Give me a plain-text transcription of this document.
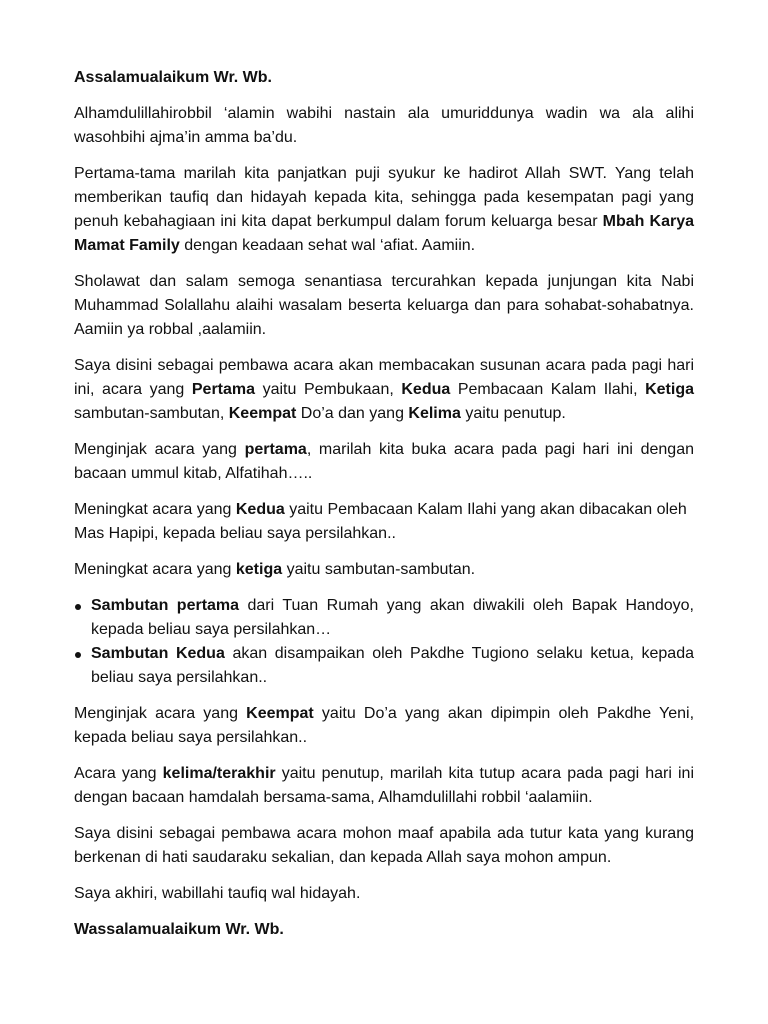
Assalamualaikum Wr. Wb.

Alhamdulillahirobbil ‘alamin wabihi nastain ala umuriddunya wadin wa ala alihi wasohbihi ajma’in amma ba’du.

Pertama-tama marilah kita panjatkan puji syukur ke hadirot Allah SWT. Yang telah memberikan taufiq dan hidayah kepada kita, sehingga pada kesempatan pagi yang penuh kebahagiaan ini kita dapat berkumpul dalam forum keluarga besar Mbah Karya Mamat Family dengan keadaan sehat wal ‘afiat. Aamiin.

Sholawat dan salam semoga senantiasa tercurahkan kepada junjungan kita Nabi Muhammad Solallahu alaihi wasalam beserta keluarga dan para sohabat-sohabatnya. Aamiin ya robbal ,aalamiin.

Saya disini sebagai pembawa acara akan membacakan susunan acara pada pagi hari ini, acara yang Pertama yaitu Pembukaan, Kedua Pembacaan Kalam Ilahi, Ketiga sambutan-sambutan, Keempat Do’a dan yang Kelima yaitu penutup.

Menginjak acara yang pertama, marilah kita buka acara pada pagi hari ini dengan bacaan ummul kitab, Alfatihah…..

Meningkat acara yang Kedua yaitu Pembacaan Kalam Ilahi yang akan dibacakan oleh Mas Hapipi, kepada beliau saya persilahkan..

Meningkat acara yang ketiga yaitu sambutan-sambutan.

Sambutan pertama dari Tuan Rumah yang akan diwakili oleh Bapak Handoyo, kepada beliau saya persilahkan…
Sambutan Kedua akan disampaikan oleh Pakdhe Tugiono selaku ketua, kepada beliau saya persilahkan..

Menginjak acara yang Keempat yaitu Do’a yang akan dipimpin oleh Pakdhe Yeni, kepada beliau saya persilahkan..

Acara yang kelima/terakhir yaitu penutup, marilah kita tutup acara pada pagi hari ini dengan bacaan hamdalah bersama-sama, Alhamdulillahi robbil ‘aalamiin.

Saya disini sebagai pembawa acara mohon maaf apabila ada tutur kata yang kurang berkenan di hati saudaraku sekalian, dan kepada Allah saya mohon ampun.

Saya akhiri, wabillahi taufiq wal hidayah.

Wassalamualaikum Wr. Wb.
